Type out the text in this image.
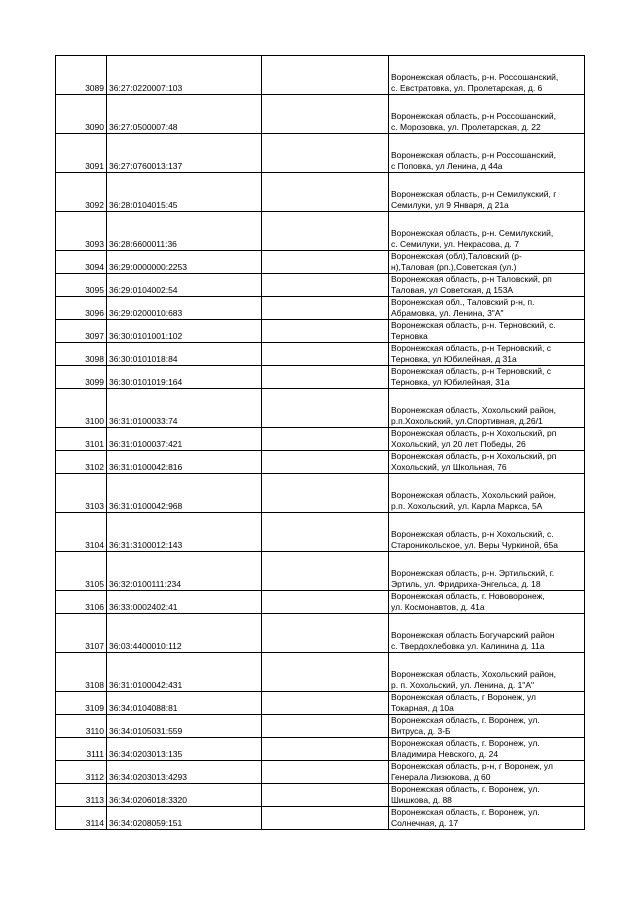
3089	36:27:0220007:103		Воронежская область, р-н. Россошанский,
с. Евстратовка, ул. Пролетарская, д. 6
3090	36:27:0500007:48		Воронежская область, р-н Россошанский,
с. Морозовка, ул. Пролетарская, д. 22
3091	36:27:0760013:137		Воронежская область, р-н Россошанский,
с Поповка, ул Ленина, д 44а
3092	36:28:0104015:45		Воронежская область, р-н Семилукский, г
Семилуки, ул 9 Января, д 21а
3093	36:28:6600011:36		Воронежская область, р-н. Семилукский,
с. Семилуки, ул. Некрасова, д. 7
3094	36:29:0000000:2253		Воронежская (обл),Таловский (р-
н),Таловая (рп.),Советская (ул.)
3095	36:29:0104002:54		Воронежская область, р-н Таловский, рп
Таловая, ул Советская, д 153А
3096	36:29:0200010:683		Воронежская обл., Таловский р-н, п.
Абрамовка, ул. Ленина, 3"А"
3097	36:30:0101001:102		Воронежская область, р-н. Терновский, с.
Терновка
3098	36:30:0101018:84		Воронежская область, р-н Терновский, с
Терновка, ул Юбилейная, д 31а
3099	36:30:0101019:164		Воронежская область, р-н Терновский, с
Терновка, ул Юбилейная, 31а
3100	36:31:0100033:74		Воронежская область, Хохольский район,
р.п.Хохольский, ул.Спортивная, д.26/1
3101	36:31:0100037:421		Воронежская область, р-н Хохольский, рп
Хохольский, ул 20 лет Победы, 26
3102	36:31:0100042:816		Воронежская область, р-н Хохольский, рп
Хохольский, ул Школьная, 76
3103	36:31:0100042:968		Воронежская область, Хохольский район,
р.п. Хохольский, ул. Карла Маркса, 5А
3104	36:31:3100012:143		Воронежская область, р-н Хохольский, с.
Староникольское, ул. Веры Чуркиной, 65а
3105	36:32:0100111:234		Воронежская область, р-н. Эртильский, г.
Эртиль, ул. Фридриха-Энгельса, д. 18
3106	36:33:0002402:41		Воронежская область, г. Нововоронеж,
ул. Космонавтов, д. 41а
3107	36:03:4400010:112		Воронежская область Богучарский район
с. Твердохлебовка ул. Калинина д. 11а
3108	36:31:0100042:431		Воронежская область, Хохольский район,
р. п. Хохольский, ул. Ленина, д. 1"А"
3109	36:34:0104088:81		Воронежская область, г Воронеж, ул
Токарная, д 10а
3110	36:34:0105031:559		Воронежская область, г. Воронеж, ул.
Витруса, д. 3-Б
3111	36:34:0203013:135		Воронежская область, г. Воронеж, ул.
Владимира Невского, д. 24
3112	36:34:0203013:4293		Воронежская область, р-н, г Воронеж, ул
Генерала Лизюкова, д 60
3113	36:34:0206018:3320		Воронежская область, г. Воронеж, ул.
Шишкова, д. 88
3114	36:34:0208059:151		Воронежская область, г. Воронеж, ул.
Солнечная, д. 17
